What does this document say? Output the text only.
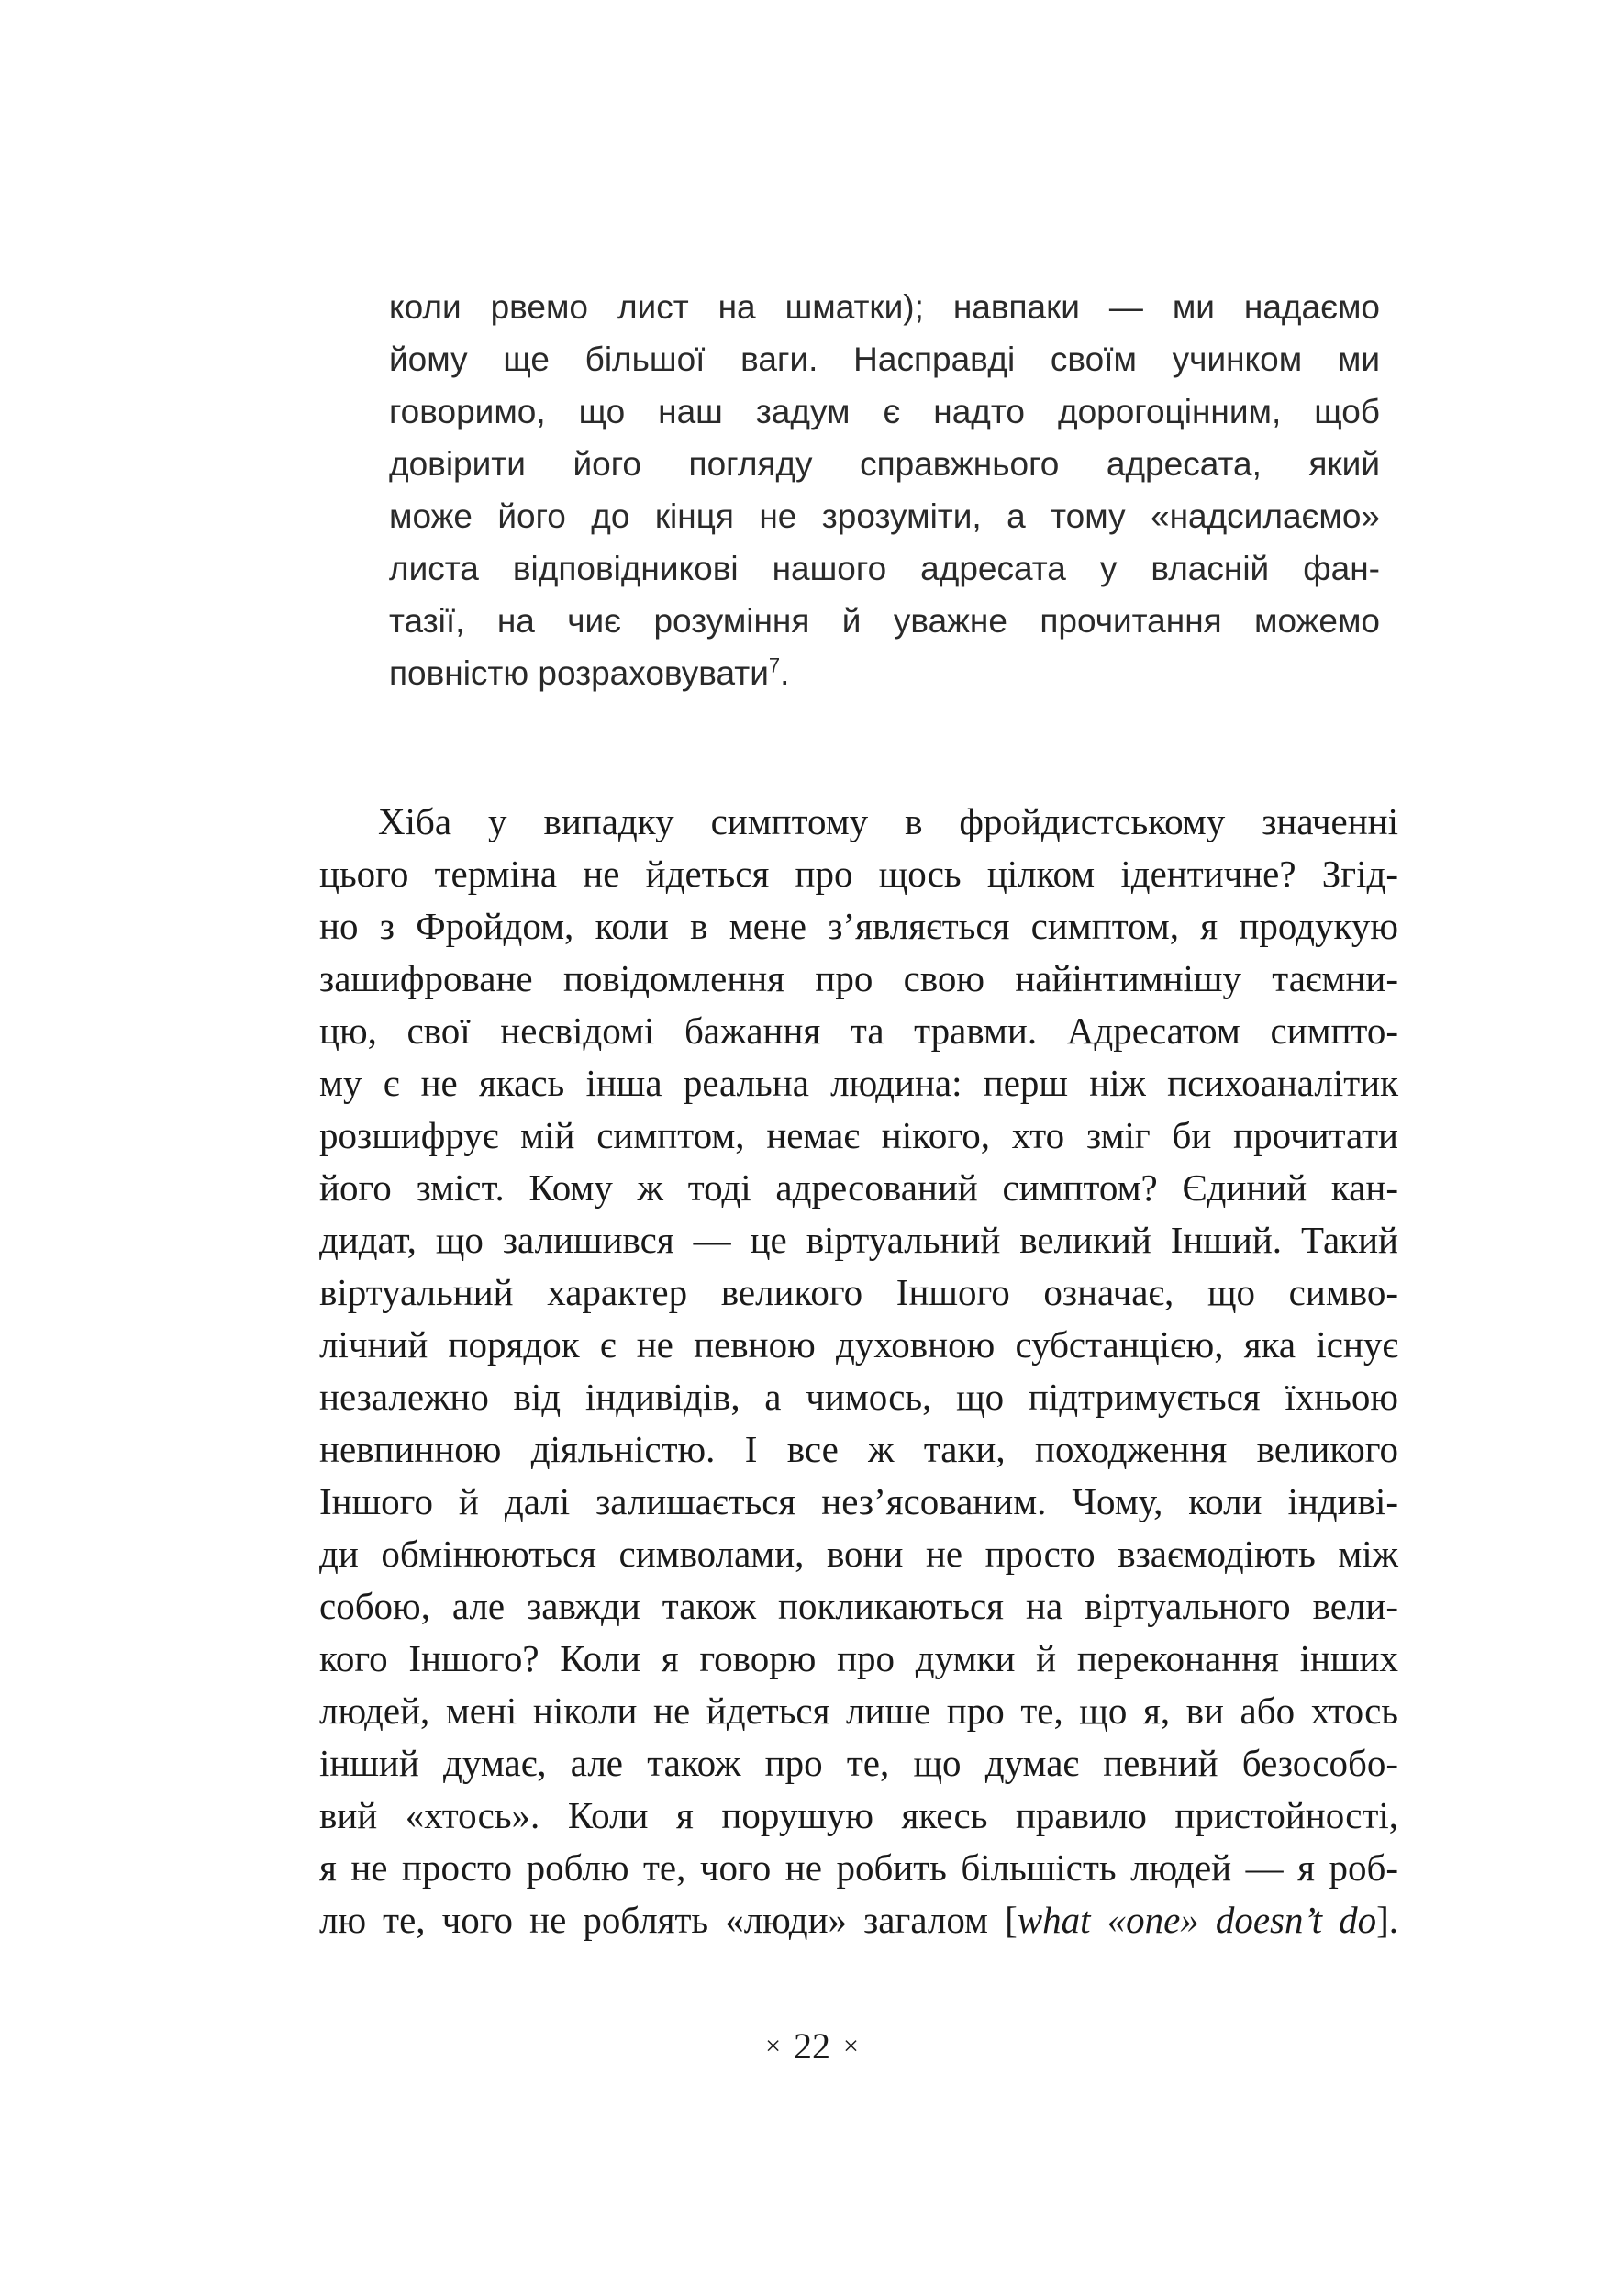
коли рвемо лист на шматки); навпаки — ми надаємо
йому ще більшої ваги. Насправді своїм учинком ми
говоримо, що наш задум є надто дорогоцінним, щоб
довірити його погляду справжнього адресата, який
може його до кінця не зрозуміти, а тому «надсилаємо»
листа відповідникові нашого адресата у власній фан-
тазії, на чиє розуміння й уважне прочитання можемо
повністю розраховувати$^7$.
Хіба у випадку симптому в фройдистському значенні
цього терміна не йдеться про щось цілком ідентичне? Згід-
но з Фройдом, коли в мене з’являється симптом, я продукую
зашифроване повідомлення про свою найінтимнішу таємни-
цю, свої несвідомі бажання та травми. Адресатом симпто-
му є не якась інша реальна людина: перш ніж психоаналітик
розшифрує мій симптом, немає нікого, хто зміг би прочитати
його зміст. Кому ж тоді адресований симптом? Єдиний кан-
дидат, що залишився — це віртуальний великий Інший. Такий
віртуальний характер великого Іншого означає, що симво-
лічний порядок є не певною духовною субстанцією, яка існує
незалежно від індивідів, а чимось, що підтримується їхньою
невпинною діяльністю. І все ж таки, походження великого
Іншого й далі залишається нез’ясованим. Чому, коли індиві-
ди обмінюються символами, вони не просто взаємодіють між
собою, але завжди також покликаються на віртуального вели-
кого Іншого? Коли я говорю про думки й переконання інших
людей, мені ніколи не йдеться лише про те, що я, ви або хтось
інший думає, але також про те, що думає певний безособо-
вий «хтось». Коли я порушую якесь правило пристойності,
я не просто роблю те, чого не робить більшість людей — я роб-
лю те, чого не роблять «люди» загалом [what «one» doesn’t do].
× 22 ×
